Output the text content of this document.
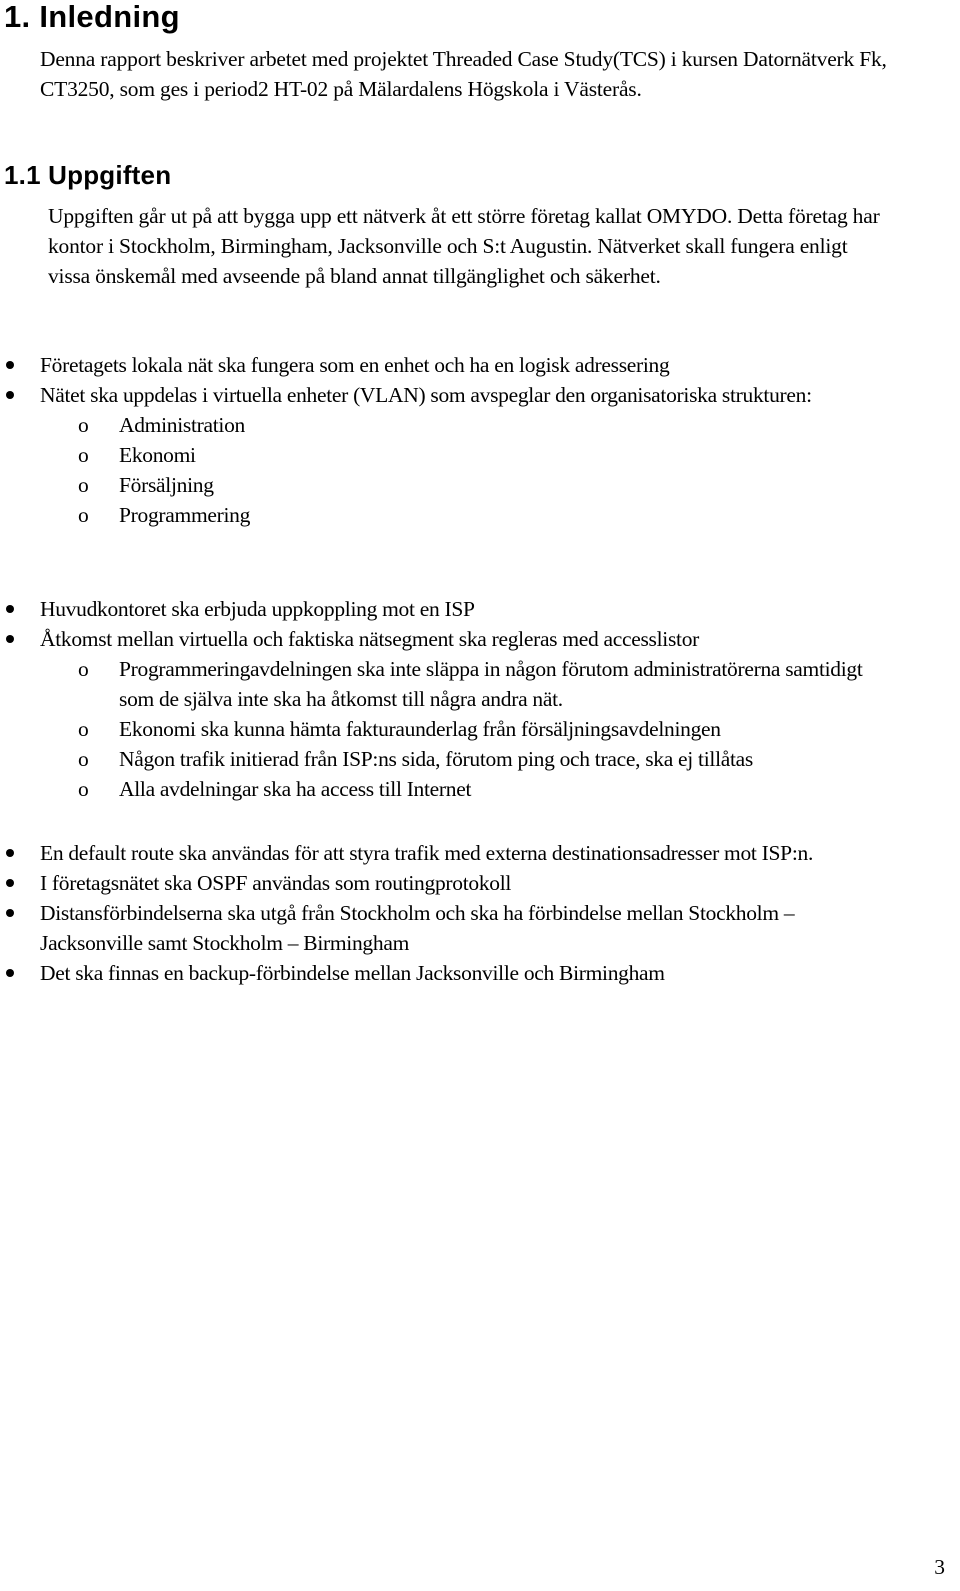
1. Inledning

Denna rapport beskriver arbetet med projektet Threaded Case Study(TCS) i kursen Datornätverk Fk, CT3250, som ges i period2 HT-02 på Mälardalens Högskola i Västerås.

1.1 Uppgiften

Uppgiften går ut på att bygga upp ett nätverk åt ett större företag kallat OMYDO. Detta företag har kontor i Stockholm, Birmingham, Jacksonville och S:t Augustin. Nätverket skall fungera enligt vissa önskemål med avseende på bland annat tillgänglighet och säkerhet.

Företagets lokala nät ska fungera som en enhet och ha en logisk adressering
Nätet ska uppdelas i virtuella enheter (VLAN) som avspeglar den organisatoriska strukturen:
o Administration
o Ekonomi
o Försäljning
o Programmering
Huvudkontoret ska erbjuda uppkoppling mot en ISP
Åtkomst mellan virtuella och faktiska nätsegment ska regleras med accesslistor
o Programmeringavdelningen ska inte släppa in någon förutom administratörerna samtidigt som de själva inte ska ha åtkomst till några andra nät.
o Ekonomi ska kunna hämta fakturaunderlag från försäljningsavdelningen
o Någon trafik initierad från ISP:ns sida, förutom ping och trace, ska ej tillåtas
o Alla avdelningar ska ha access till Internet
En default route ska användas för att styra trafik med externa destinationsadresser mot ISP:n.
I företagsnätet ska OSPF användas som routingprotokoll
Distansförbindelserna ska utgå från Stockholm och ska ha förbindelse mellan Stockholm – Jacksonville samt Stockholm – Birmingham
Det ska finnas en backup-förbindelse mellan Jacksonville och Birmingham
3
